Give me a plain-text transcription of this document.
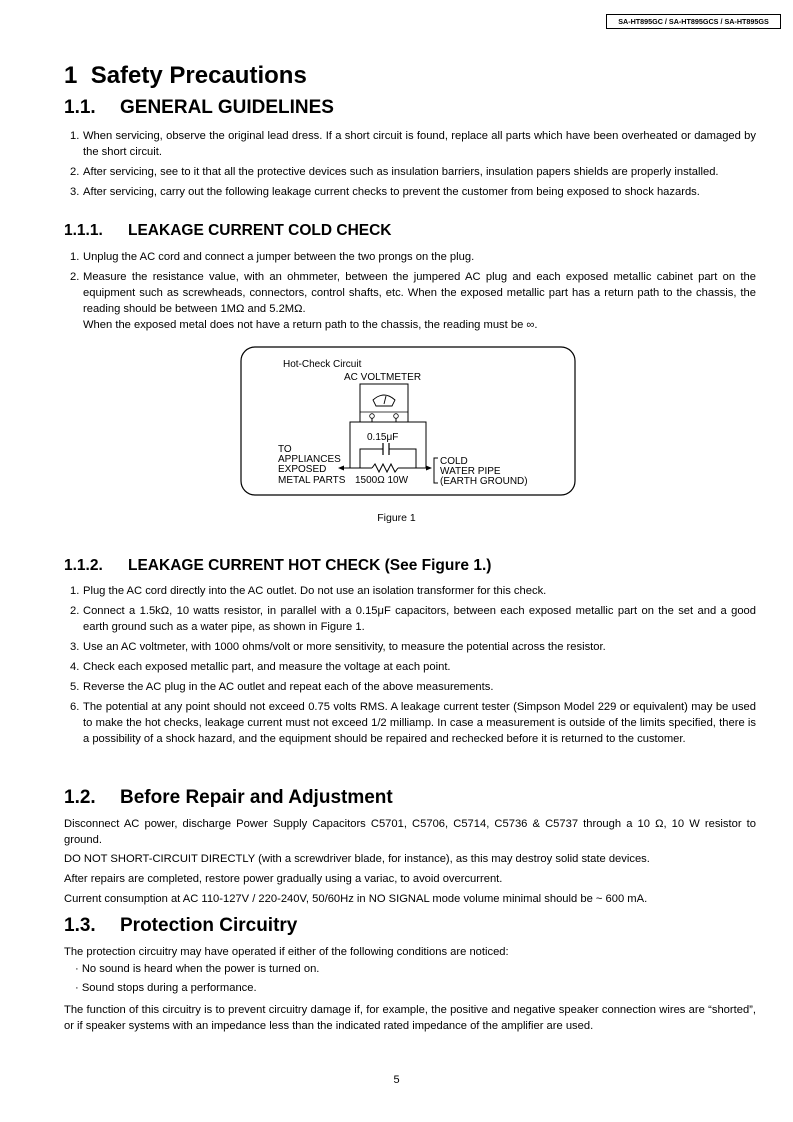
SA-HT895GC / SA-HT895GCS / SA-HT895GS
1 Safety Precautions
1.1. GENERAL GUIDELINES
1. When servicing, observe the original lead dress. If a short circuit is found, replace all parts which have been overheated or damaged by the short circuit.
2. After servicing, see to it that all the protective devices such as insulation barriers, insulation papers shields are properly installed.
3. After servicing, carry out the following leakage current checks to prevent the customer from being exposed to shock hazards.
1.1.1. LEAKAGE CURRENT COLD CHECK
1. Unplug the AC cord and connect a jumper between the two prongs on the plug.
2. Measure the resistance value, with an ohmmeter, between the jumpered AC plug and each exposed metallic cabinet part on the equipment such as screwheads, connectors, control shafts, etc. When the exposed metallic part has a return path to the chassis, the reading should be between 1MΩ and 5.2MΩ.
When the exposed metal does not have a return path to the chassis, the reading must be ∞.
Hot-Check Circuit
AC VOLTMETER
0.15μF
TO
APPLIANCES
EXPOSED
METAL PARTS 1500Ω 10W
COLD
WATER PIPE
(EARTH GROUND)
Figure 1
1.1.2. LEAKAGE CURRENT HOT CHECK (See Figure 1.)
1. Plug the AC cord directly into the AC outlet. Do not use an isolation transformer for this check.
2. Connect a 1.5kΩ, 10 watts resistor, in parallel with a 0.15μF capacitors, between each exposed metallic part on the set and a good earth ground such as a water pipe, as shown in Figure 1.
3. Use an AC voltmeter, with 1000 ohms/volt or more sensitivity, to measure the potential across the resistor.
4. Check each exposed metallic part, and measure the voltage at each point.
5. Reverse the AC plug in the AC outlet and repeat each of the above measurements.
6. The potential at any point should not exceed 0.75 volts RMS. A leakage current tester (Simpson Model 229 or equivalent) may be used to make the hot checks, leakage current must not exceed 1/2 milliamp. In case a measurement is outside of the limits specified, there is a possibility of a shock hazard, and the equipment should be repaired and rechecked before it is returned to the customer.
1.2. Before Repair and Adjustment
Disconnect AC power, discharge Power Supply Capacitors C5701, C5706, C5714, C5736 & C5737 through a 10 Ω, 10 W resistor to ground.
DO NOT SHORT-CIRCUIT DIRECTLY (with a screwdriver blade, for instance), as this may destroy solid state devices.
After repairs are completed, restore power gradually using a variac, to avoid overcurrent.
Current consumption at AC 110-127V / 220-240V, 50/60Hz in NO SIGNAL mode volume minimal should be ~ 600 mA.
1.3. Protection Circuitry
The protection circuitry may have operated if either of the following conditions are noticed:
· No sound is heard when the power is turned on.
· Sound stops during a performance.
The function of this circuitry is to prevent circuitry damage if, for example, the positive and negative speaker connection wires are “shorted”, or if speaker systems with an impedance less than the indicated rated impedance of the amplifier are used.
5
